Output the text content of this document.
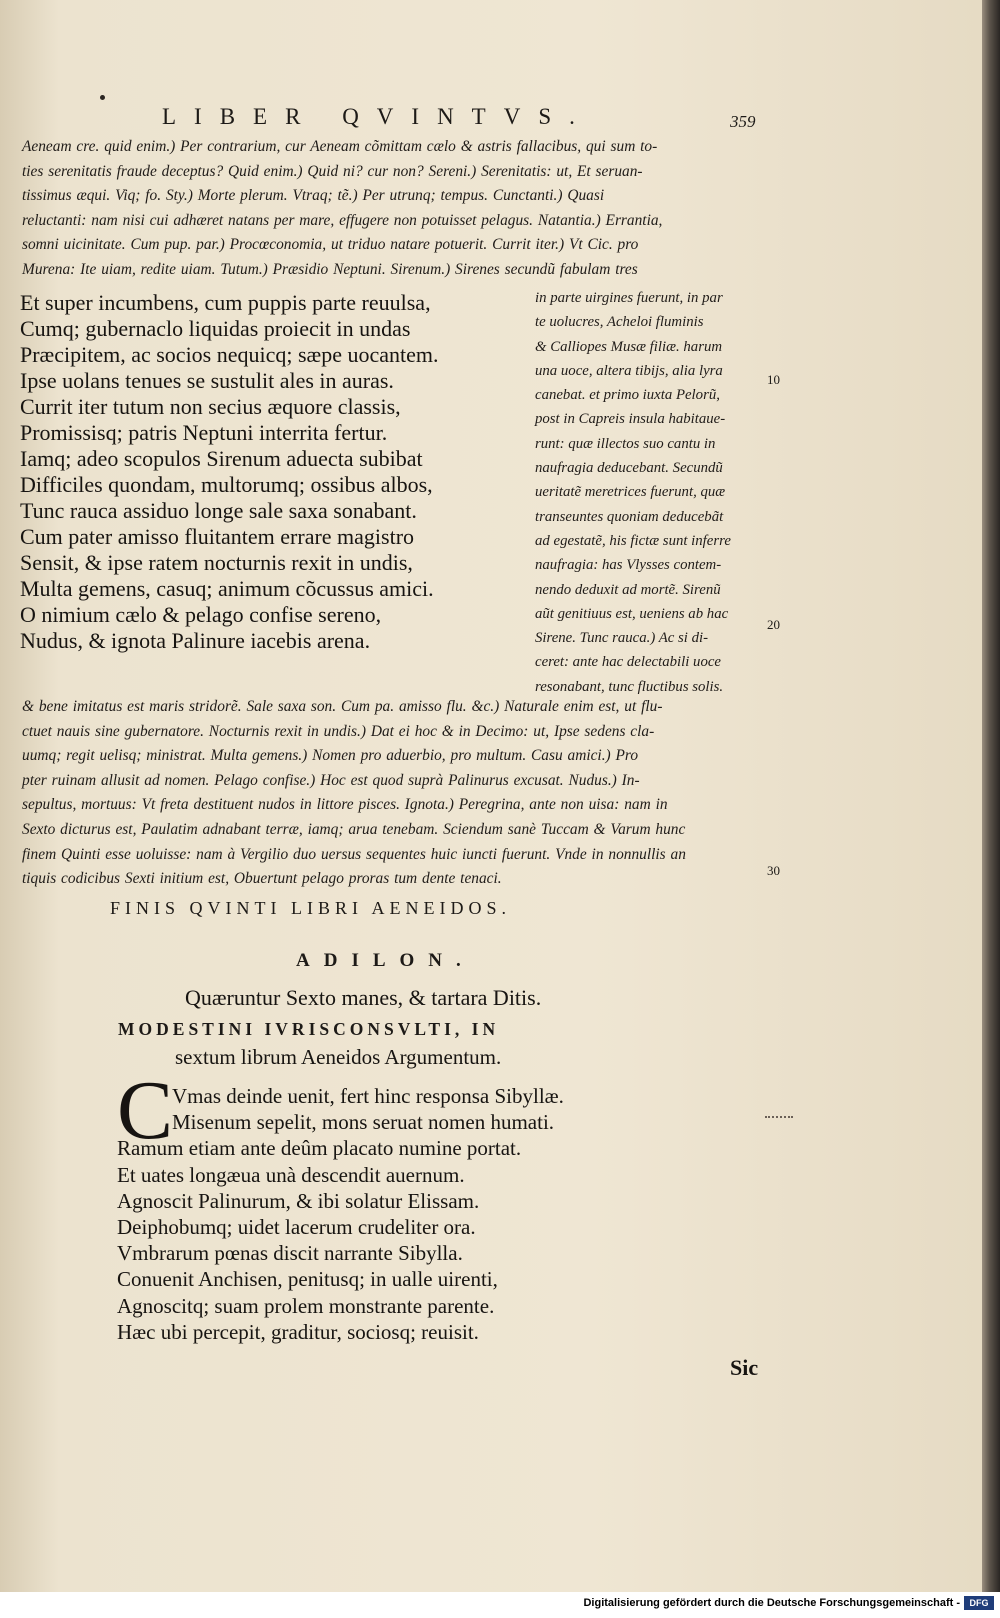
LIBER QVINTVS.	359

Aeneam cre. quid enim.) Per contrarium, cur Aeneam cõmittam cælo & astris fallacibus, qui sum to-

ties serenitatis fraude deceptus? Quid enim.) Quid ni? cur non? Sereni.) Serenitatis: ut, Et seruan-

tissimus æqui. Viq; fo. Sty.) Morte plerum. Vtraq; tẽ.) Per utrunq; tempus. Cunctanti.) Quasi

reluctanti: nam nisi cui adhæret natans per mare, effugere non potuisset pelagus. Natantia.) Errantia,

somni uicinitate. Cum pup. par.) Procœconomia, ut triduo natare potuerit. Currit iter.) Vt Cic. pro

Murena: Ite uiam, redite uiam. Tutum.) Præsidio Neptuni. Sirenum.) Sirenes secundũ fabulam tres

Et super incumbens, cum puppis parte reuulsa,

Cumq; gubernaclo liquidas proiecit in undas

Præcipitem, ac socios nequicq; sæpe uocantem.

Ipse uolans tenues se sustulit ales in auras.

Currit iter tutum non secius æquore classis,

Promissisq; patris Neptuni interrita fertur.

Iamq; adeo scopulos Sirenum aduecta subibat

Difficiles quondam, multorumq; ossibus albos,

Tunc rauca assiduo longe sale saxa sonabant.

Cum pater amisso fluitantem errare magistro

Sensit, & ipse ratem nocturnis rexit in undis,

Multa gemens, casuq; animum cõcussus amici.

O nimium cælo & pelago confise sereno,

Nudus, & ignota Palinure iacebis arena.

in parte uirgines fuerunt, in par

te uolucres, Acheloi fluminis

& Calliopes Musæ filiæ. harum

una uoce, altera tibijs, alia lyra

canebat. et primo iuxta Pelorũ,

post in Capreis insula habitaue-

runt: quæ illectos suo cantu in

naufragia deducebant. Secundũ

ueritatẽ meretrices fuerunt, quæ

transeuntes quoniam deducebãt

ad egestatẽ, his fictæ sunt inferre

naufragia: has Vlysses contem-

nendo deduxit ad mortẽ. Sirenũ

aũt genitiuus est, ueniens ab hac

Sirene. Tunc rauca.) Ac si di-

ceret: ante hac delectabili uoce

resonabant, tunc fluctibus solis.

10
20
30

& bene imitatus est maris stridorẽ. Sale saxa son. Cum pa. amisso flu. &c.) Naturale enim est, ut flu-

ctuet nauis sine gubernatore. Nocturnis rexit in undis.) Dat ei hoc & in Decimo: ut, Ipse sedens cla-

uumq; regit uelisq; ministrat. Multa gemens.) Nomen pro aduerbio, pro multum. Casu amici.) Pro

pter ruinam allusit ad nomen. Pelago confise.) Hoc est quod suprà Palinurus excusat. Nudus.) In-

sepultus, mortuus: Vt freta destituent nudos in littore pisces. Ignota.) Peregrina, ante non uisa: nam in

Sexto dicturus est, Paulatim adnabant terræ, iamq; arua tenebam. Sciendum sanè Tuccam & Varum hunc

finem Quinti esse uoluisse: nam à Vergilio duo uersus sequentes huic iuncti fuerunt. Vnde in nonnullis an

tiquis codicibus Sexti initium est, Obuertunt pelago proras tum dente tenaci.

FINIS QVINTI LIBRI AENEIDOS.
ADILON.
Quæruntur Sexto manes, & tartara Ditis.
MODESTINI IVRISCONSVLTI, IN
sextum librum Aeneidos Argumentum.
C

Vmas deinde uenit, fert hinc responsa Sibyllæ.

Misenum sepelit, mons seruat nomen humati.

Ramum etiam ante deûm placato numine portat.

Et uates longæua unà descendit auernum.

Agnoscit Palinurum, & ibi solatur Elissam.

Deiphobumq; uidet lacerum crudeliter ora.

Vmbrarum pœnas discit narrante Sibylla.

Conuenit Anchisen, penitusq; in ualle uirenti,

Agnoscitq; suam prolem monstrante parente.

Hæc ubi percepit, graditur, sociosq; reuisit.

Sic
Digitalisierung gefördert durch die Deutsche Forschungsgemeinschaft -	DFG
